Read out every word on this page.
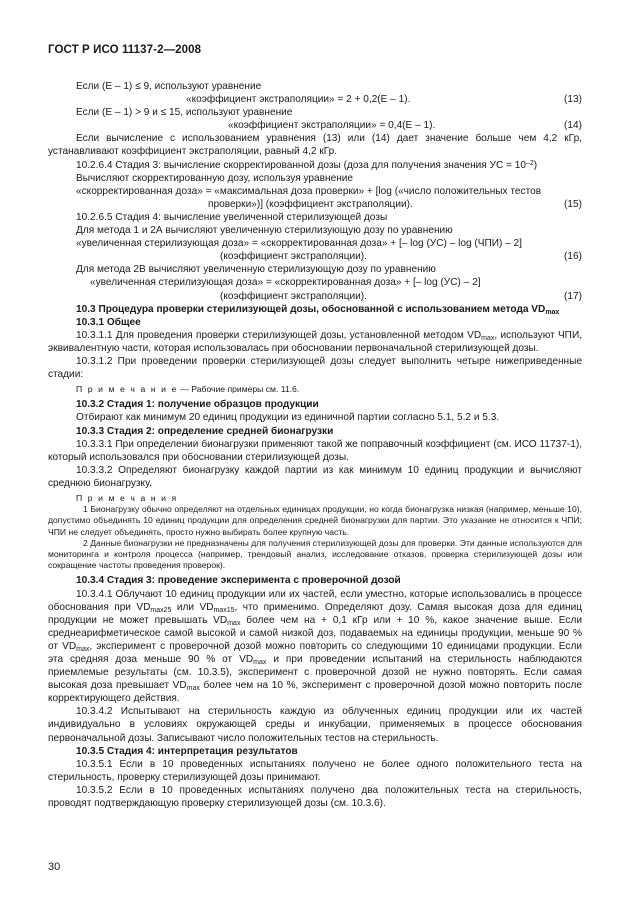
ГОСТ Р ИСО 11137-2—2008
Если (E – 1) ≤ 9, используют уравнение
«коэффициент экстраполяции» = 2 + 0,2(E – 1).	(13)
Если (E – 1) > 9 и ≤ 15, используют уравнение
«коэффициент экстраполяции» = 0,4(E – 1).	(14)
Если вычисление с использованием уравнения (13) или (14) дает значение больше чем 4,2 кГр, устанавливают коэффициент экстраполяции, равный 4,2 кГр.
10.2.6.4 Стадия 3: вычисление скорректированной дозы (доза для получения значения УС = $10^{-2}$)
Вычисляют скорректированную дозу, используя уравнение
«скорректированная доза» = «максимальная доза проверки» + [log («число положительных тестов
проверки»)] (коэффициент экстраполяции).	(15)
10.2.6.5 Стадия 4: вычисление увеличенной стерилизующей дозы
Для метода 1 и 2А вычисляют увеличенную стерилизующую дозу по уравнению
«увеличенная стерилизующая доза» = «скорректированная доза» + [– log (УС) – log (ЧПИ) – 2]
(коэффициент экстраполяции).	(16)
Для метода 2В вычисляют увеличенную стерилизующую дозу по уравнению
«увеличенная стерилизующая доза» = «скорректированная доза» + [– log (УС) – 2]
(коэффициент экстраполяции).	(17)
10.3 Процедура проверки стерилизующей дозы, обоснованной с использованием метода $VD_{max}$
10.3.1 Общее
10.3.1.1 Для проведения проверки стерилизующей дозы, установленной методом $VD_{max}$, используют ЧПИ, эквивалентную части, которая использовалась при обосновании первоначальной стерилизующей дозы.
10.3.1.2 При проведении проверки стерилизующей дозы следует выполнить четыре нижеприведенные стадии:
П р и м е ч а н и е — Рабочие примеры см. 11.6.
10.3.2 Стадия 1: получение образцов продукции
Отбирают как минимум 20 единиц продукции из единичной партии согласно 5.1, 5.2 и 5.3.
10.3.3 Стадия 2: определение средней бионагрузки
10.3.3.1 При определении бионагрузки применяют такой же поправочный коэффициент (см. ИСО 11737-1), который использовался при обосновании стерилизующей дозы.
10.3.3.2 Определяют бионагрузку каждой партии из как минимум 10 единиц продукции и вычисляют среднюю бионагрузку.
П р и м е ч а н и я
1 Бионагрузку обычно определяют на отдельных единицах продукции, но когда бионагрузка низкая (например, меньше 10), допустимо объединять 10 единиц продукции для определения средней бионагрузки для партии. Это указание не относится к ЧПИ; ЧПИ не следует объединять, просто нужно выбирать более крупную часть.
2 Данные бионагрузки не предназначены для получения стерилизующей дозы для проверки. Эти данные используются для мониторинга и контроля процесса (например, трендовый анализ, исследование отказов, проверка стерилизующей дозы или сокращение частоты проведения проверок).
10.3.4 Стадия 3: проведение эксперимента с проверочной дозой
10.3.4.1 Облучают 10 единиц продукции или их частей, если уместно, которые использовались в процессе обоснования при $VD_{max25}$ или $VD_{max15}$, что применимо. Определяют дозу. Самая высокая доза для единиц продукции не может превышать $VD_{max}$ более чем на + 0,1 кГр или + 10 %, какое значение выше. Если среднеарифметическое самой высокой и самой низкой доз, подаваемых на единицы продукции, меньше 90 % от $VD_{max}$, эксперимент с проверочной дозой можно повторить со следующими 10 единицами продукции. Если эта средняя доза меньше 90 % от $VD_{max}$ и при проведении испытаний на стерильность наблюдаются приемлемые результаты (см. 10.3.5), эксперимент с проверочной дозой не нужно повторять. Если самая высокая доза превышает $VD_{max}$ более чем на 10 %, эксперимент с проверочной дозой можно повторить после корректирующего действия.
10.3.4.2 Испытывают на стерильность каждую из облученных единиц продукции или их частей индивидуально в условиях окружающей среды и инкубации, применяемых в процессе обоснования первоначальной дозы. Записывают число положительных тестов на стерильность.
10.3.5 Стадия 4: интерпретация результатов
10.3.5.1 Если в 10 проведенных испытаниях получено не более одного положительного теста на стерильность, проверку стерилизующей дозы принимают.
10.3.5.2 Если в 10 проведенных испытаниях получено два положительных теста на стерильность, проводят подтверждающую проверку стерилизующей дозы (см. 10.3.6).
30
